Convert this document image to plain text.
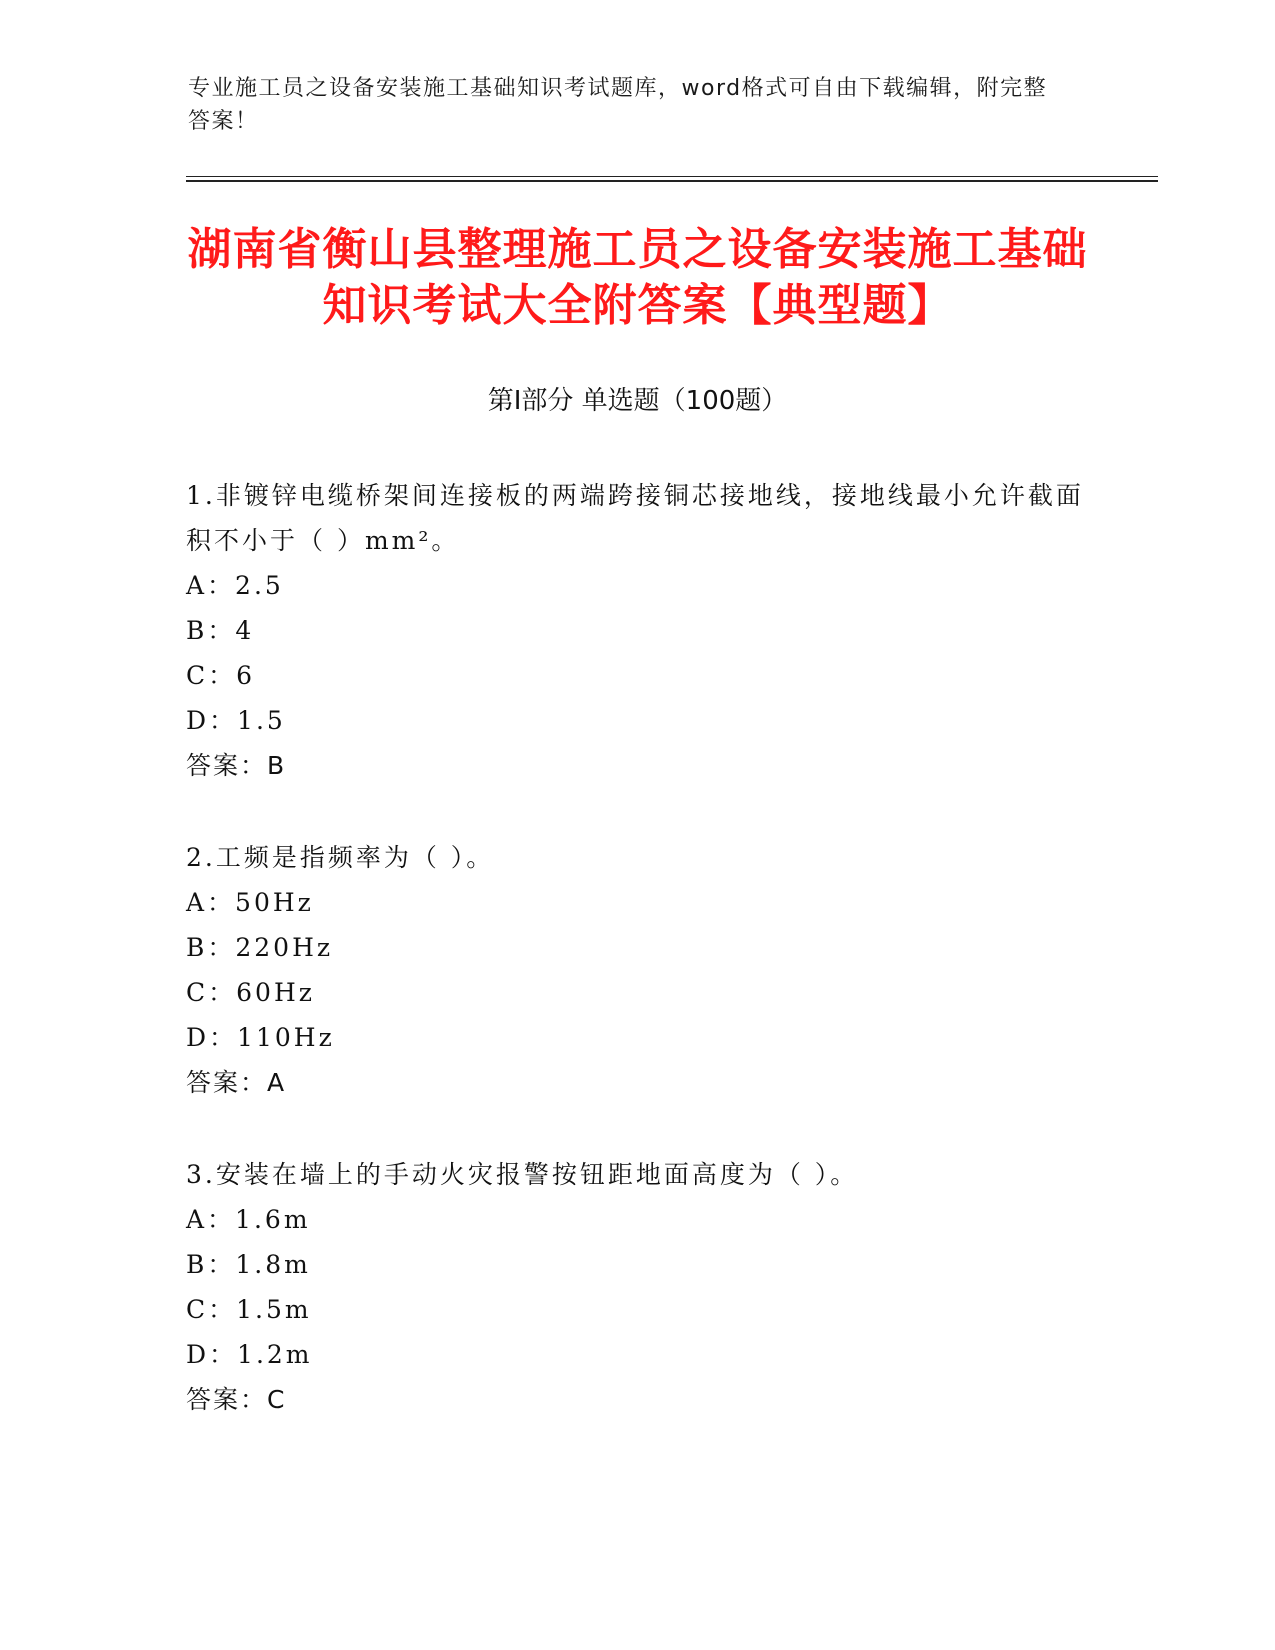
专业施工员之设备安装施工基础知识考试题库，word格式可自由下载编辑，附完整答案！
湖南省衡山县整理施工员之设备安装施工基础知识考试大全附答案【典型题】
第Ⅰ部分 单选题（100题）

1.非镀锌电缆桥架间连接板的两端跨接铜芯接地线，接地线最小允许截面积不小于（ ）mm²。

A：2.5

B：4

C：6

D：1.5

答案：B

2.工频是指频率为（ ）。

A：50Hz

B：220Hz

C：60Hz

D：110Hz

答案：A

3.安装在墙上的手动火灾报警按钮距地面高度为（ ）。

A：1.6m

B：1.8m

C：1.5m

D：1.2m

答案：C
